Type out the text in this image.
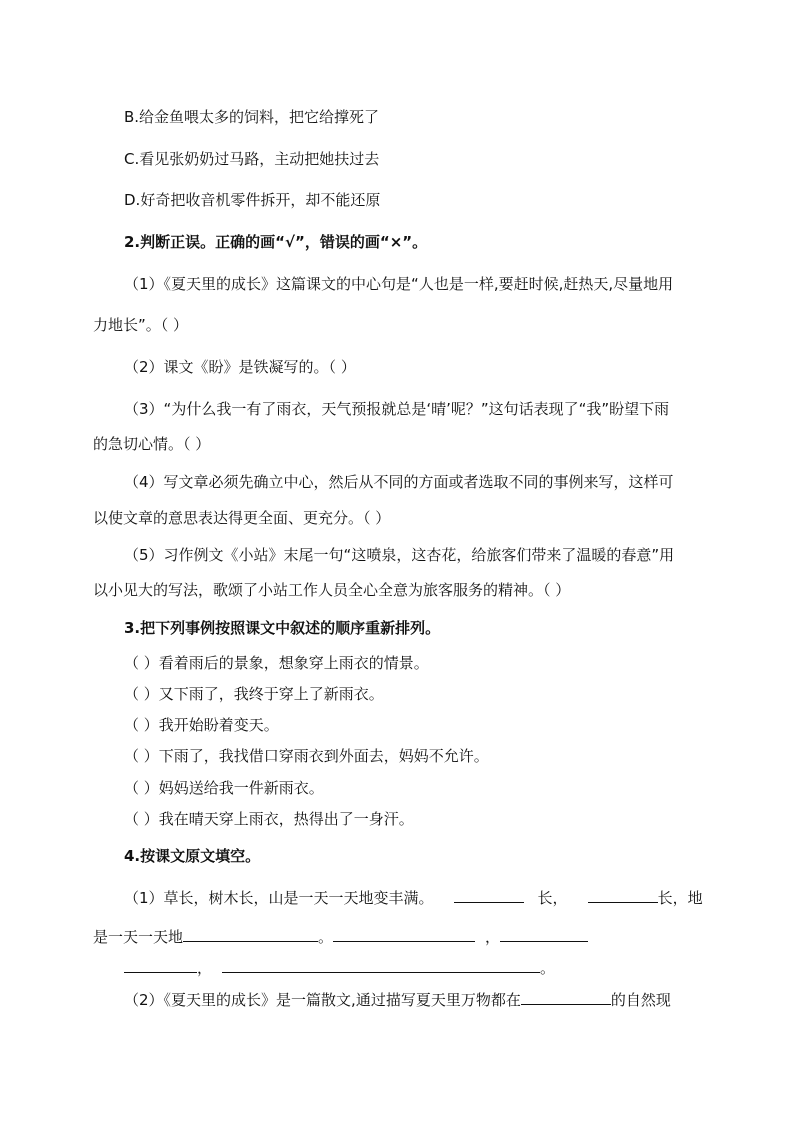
B.给金鱼喂太多的饲料，把它给撑死了
C.看见张奶奶过马路，主动把她扶过去
D.好奇把收音机零件拆开，却不能还原
2.判断正误。正确的画“√”，错误的画“×”。
（1）《夏天里的成长》这篇课文的中心句是“人也是一样,要赶时候,赶热天,尽量地用
力地长”。（ ）
（2）课文《盼》是铁凝写的。（ ）
（3）“为什么我一有了雨衣，天气预报就总是‘晴’呢？”这句话表现了“我”盼望下雨
的急切心情。（ ）
（4）写文章必须先确立中心，然后从不同的方面或者选取不同的事例来写，这样可
以使文章的意思表达得更全面、更充分。（ ）
（5）习作例文《小站》末尾一句“这喷泉，这杏花，给旅客们带来了温暖的春意”用
以小见大的写法，歌颂了小站工作人员全心全意为旅客服务的精神。（ ）
3.把下列事例按照课文中叙述的顺序重新排列。
（ ）看着雨后的景象，想象穿上雨衣的情景。
（ ）又下雨了，我终于穿上了新雨衣。
（ ）我开始盼着变天。
（ ）下雨了，我找借口穿雨衣到外面去，妈妈不允许。
（ ）妈妈送给我一件新雨衣。
（ ）我在晴天穿上雨衣，热得出了一身汗。
4.按课文原文填空。
（1）草长，树木长，山是一天一天地变丰满。	长，	长，地
是一天一天地	。	，
，	。
（2）《夏天里的成长》是一篇散文,通过描写夏天里万物都在	的自然现
